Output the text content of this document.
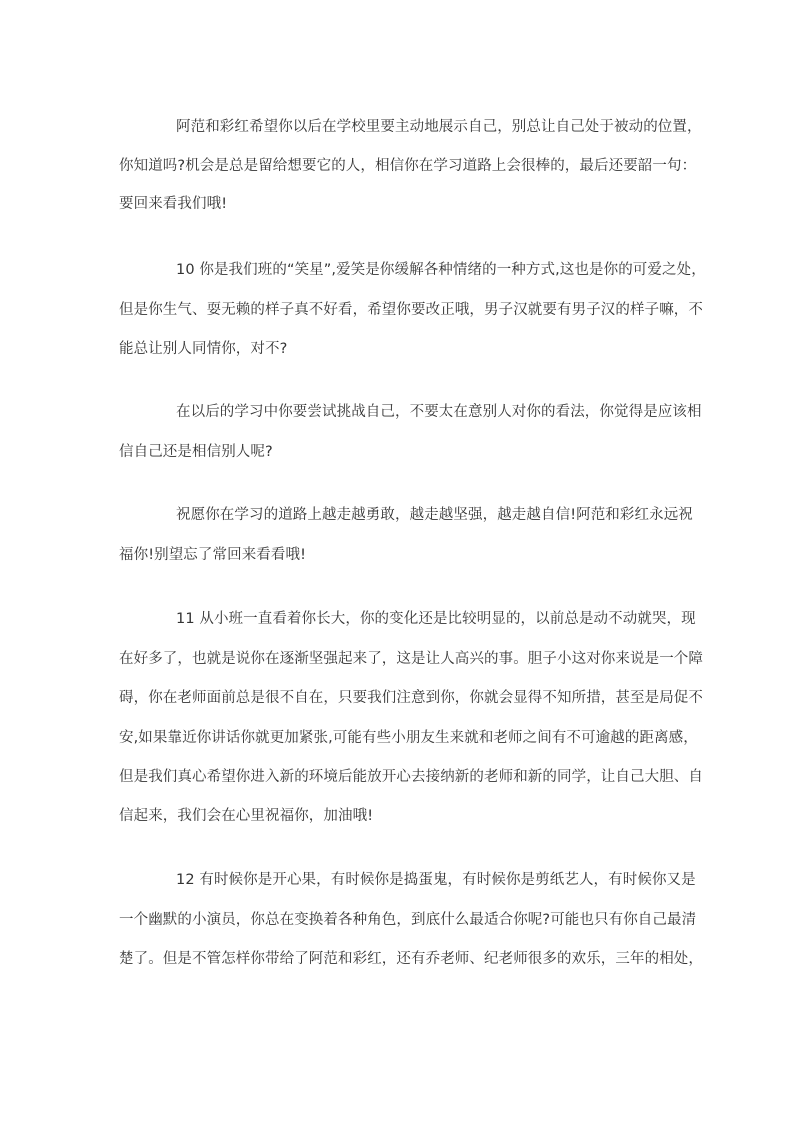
阿范和彩红希望你以后在学校里要主动地展示自己，别总让自己处于被动的位置，
你知道吗?机会是总是留给想要它的人，相信你在学习道路上会很棒的，最后还要韶一句：
要回来看我们哦!
10 你是我们班的“笑星”,爱笑是你缓解各种情绪的一种方式,这也是你的可爱之处，
但是你生气、耍无赖的样子真不好看，希望你要改正哦，男子汉就要有男子汉的样子嘛，不
能总让别人同情你，对不?
在以后的学习中你要尝试挑战自己，不要太在意别人对你的看法，你觉得是应该相
信自己还是相信别人呢?
祝愿你在学习的道路上越走越勇敢，越走越坚强，越走越自信!阿范和彩红永远祝
福你!别望忘了常回来看看哦!
11 从小班一直看着你长大，你的变化还是比较明显的，以前总是动不动就哭，现
在好多了，也就是说你在逐渐坚强起来了，这是让人高兴的事。胆子小这对你来说是一个障
碍，你在老师面前总是很不自在，只要我们注意到你，你就会显得不知所措，甚至是局促不
安,如果靠近你讲话你就更加紧张,可能有些小朋友生来就和老师之间有不可逾越的距离感，
但是我们真心希望你进入新的环境后能放开心去接纳新的老师和新的同学，让自己大胆、自
信起来，我们会在心里祝福你，加油哦!
12 有时候你是开心果，有时候你是捣蛋鬼，有时候你是剪纸艺人，有时候你又是
一个幽默的小演员，你总在变换着各种角色，到底什么最适合你呢?可能也只有你自己最清
楚了。但是不管怎样你带给了阿范和彩红，还有乔老师、纪老师很多的欢乐，三年的相处，
